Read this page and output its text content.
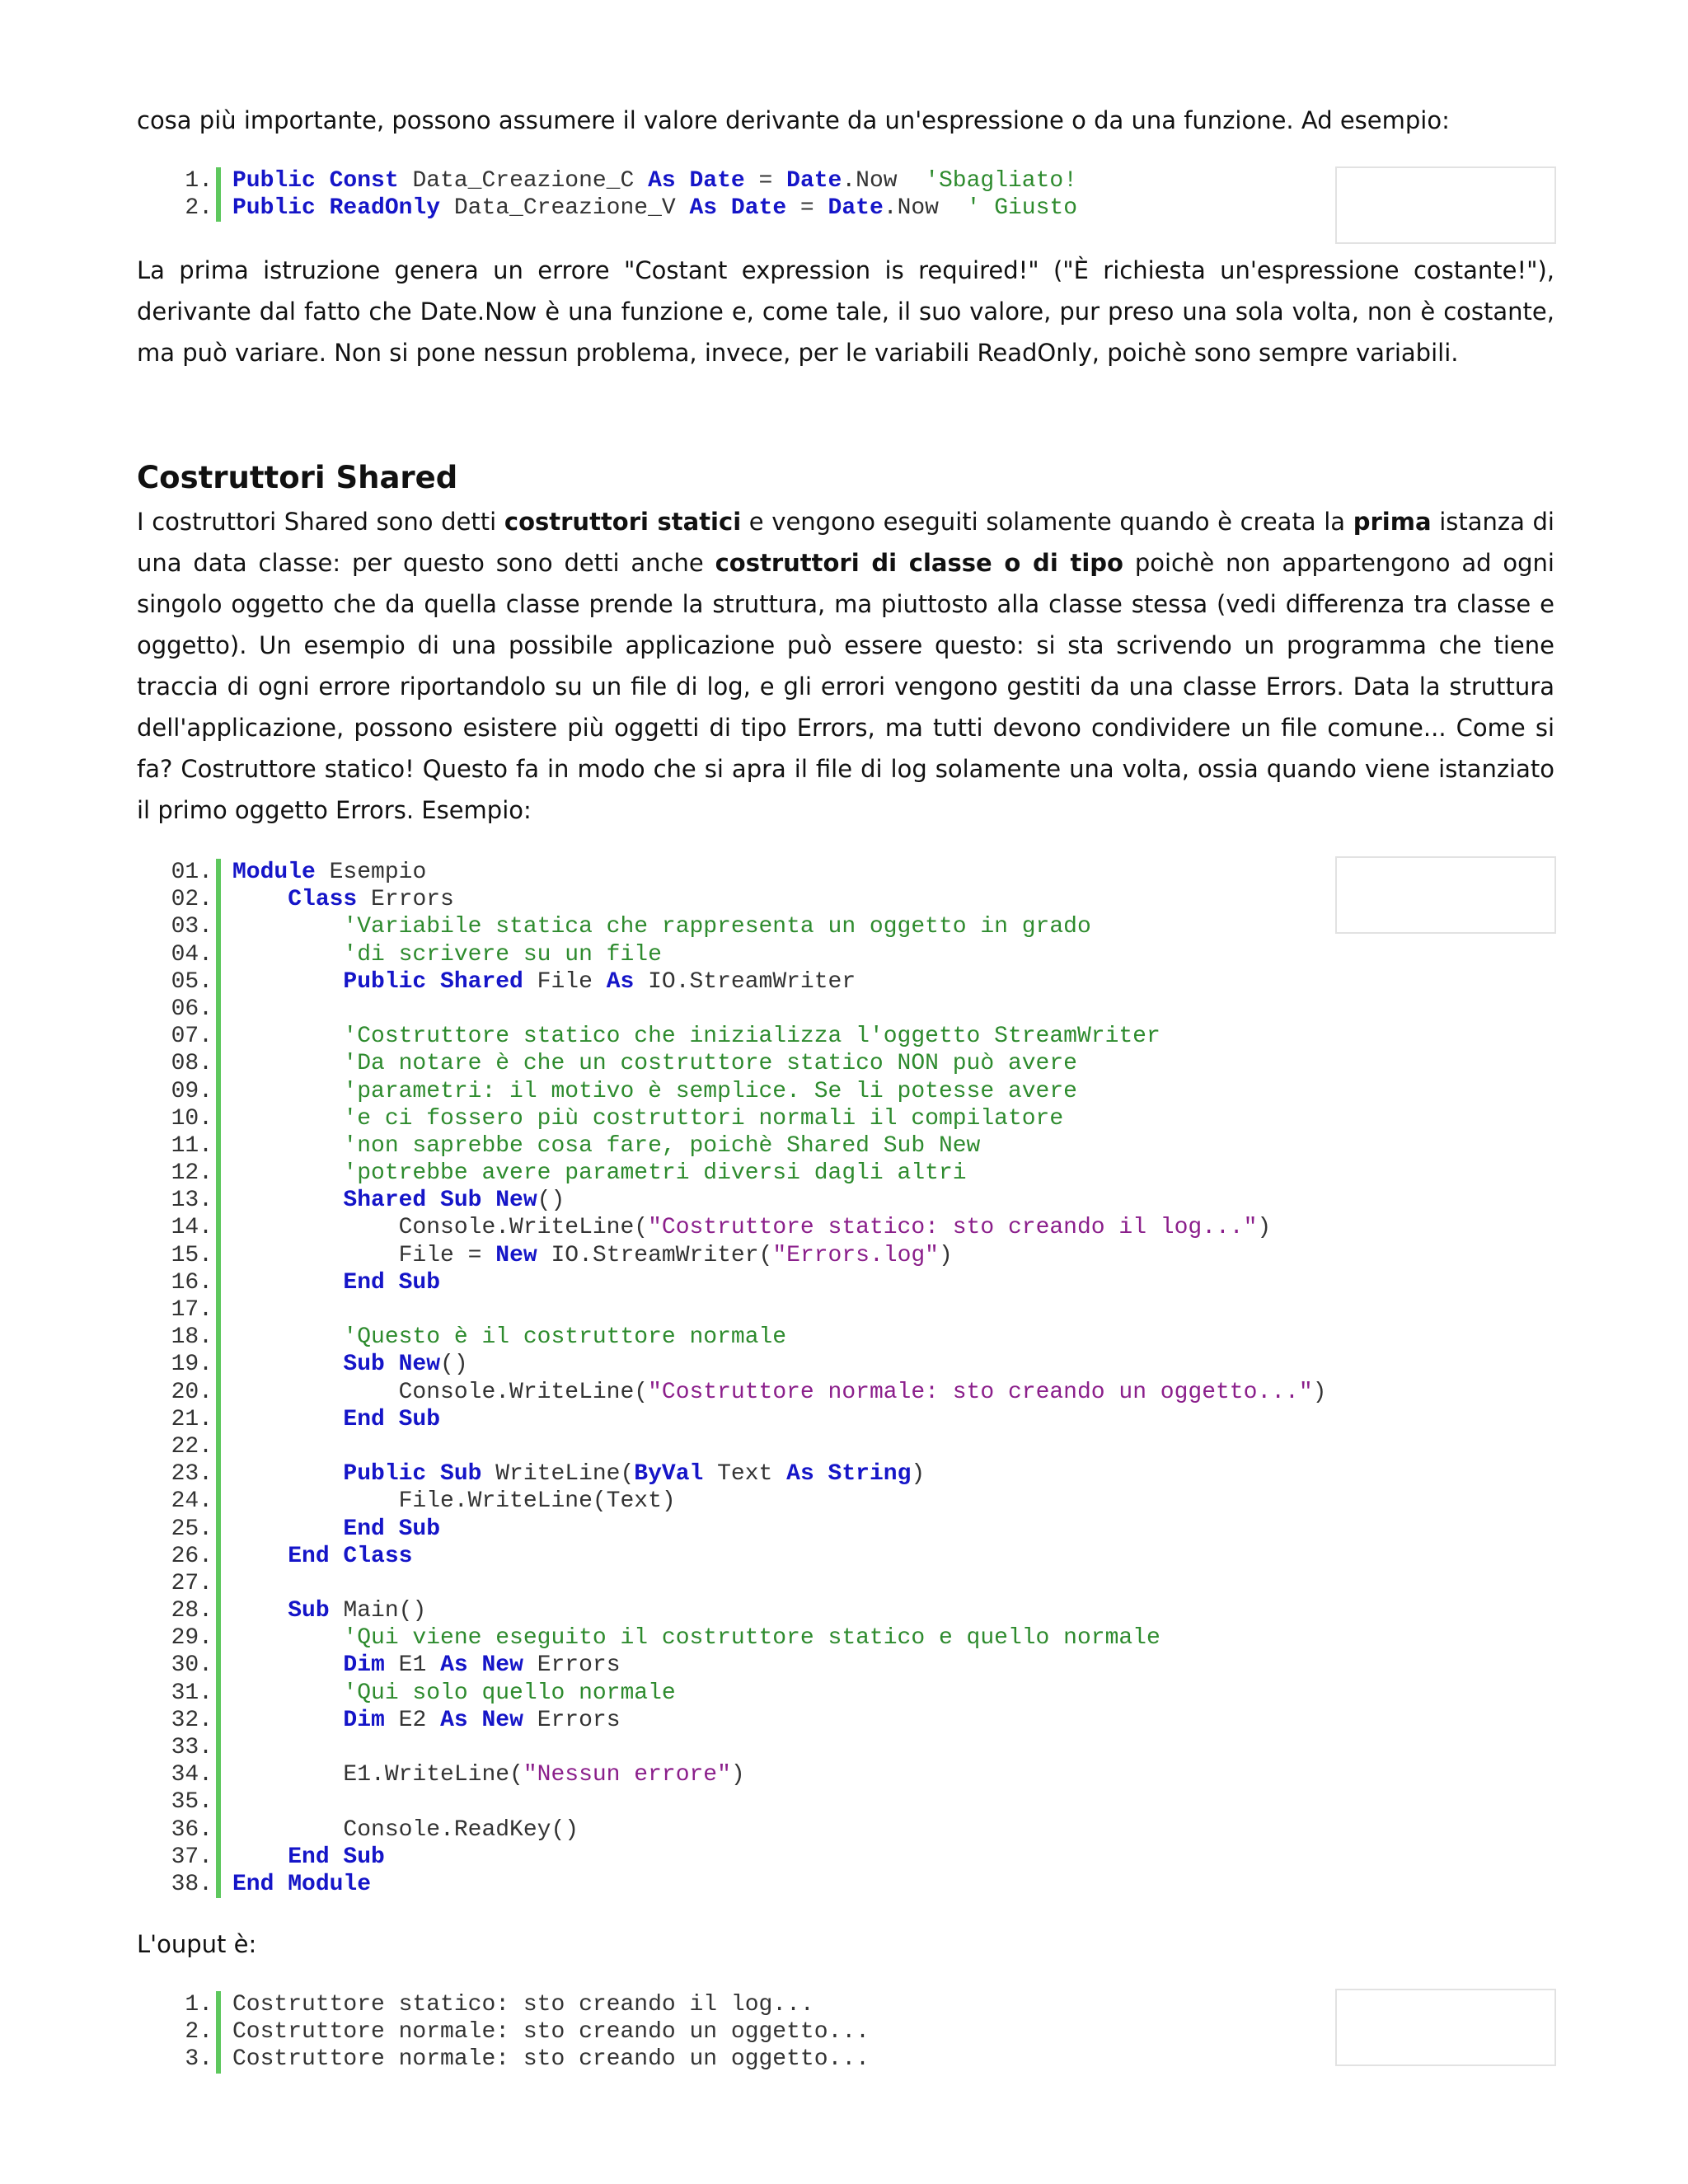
cosa più importante, possono assumere il valore derivante da un'espressione o da una funzione. Ad esempio:

1. Public Const Data_Creazione_C As Date = Date.Now  'Sbagliato!
2. Public ReadOnly Data_Creazione_V As Date = Date.Now  ' Giusto

La prima istruzione genera un errore "Costant expression is required!" ("È richiesta un'espressione costante!"), derivante dal fatto che Date.Now è una funzione e, come tale, il suo valore, pur preso una sola volta, non è costante, ma può variare. Non si pone nessun problema, invece, per le variabili ReadOnly, poichè sono sempre variabili.

Costruttori Shared

I costruttori Shared sono detti costruttori statici e vengono eseguiti solamente quando è creata la prima istanza di una data classe: per questo sono detti anche costruttori di classe o di tipo poichè non appartengono ad ogni singolo oggetto che da quella classe prende la struttura, ma piuttosto alla classe stessa (vedi differenza tra classe e oggetto). Un esempio di una possibile applicazione può essere questo: si sta scrivendo un programma che tiene traccia di ogni errore riportandolo su un file di log, e gli errori vengono gestiti da una classe Errors. Data la struttura dell'applicazione, possono esistere più oggetti di tipo Errors, ma tutti devono condividere un file comune... Come si fa? Costruttore statico! Questo fa in modo che si apra il file di log solamente una volta, ossia quando viene istanziato il primo oggetto Errors. Esempio:

01. Module Esempio
02.	Class Errors
03.	'Variabile statica che rappresenta un oggetto in grado
04.	'di scrivere su un file
05.	Public Shared File As IO.StreamWriter
06.
07.	'Costruttore statico che inizializza l'oggetto StreamWriter
08.	'Da notare è che un costruttore statico NON può avere
09.	'parametri: il motivo è semplice. Se li potesse avere
10.	'e ci fossero più costruttori normali il compilatore
11.	'non saprebbe cosa fare, poichè Shared Sub New
12.	'potrebbe avere parametri diversi dagli altri
13.	Shared Sub New()
14. Console.WriteLine("Costruttore statico: sto creando il log...")
15. File = New IO.StreamWriter("Errors.log")
16.	End Sub
17.
18.	'Questo è il costruttore normale
19.	Sub New()
20. Console.WriteLine("Costruttore normale: sto creando un oggetto...")
21.	End Sub
22.
23.	Public Sub WriteLine(ByVal Text As String)
24. File.WriteLine(Text)
25.	End Sub
26.	End Class
27.
28.	Sub Main()
29.	'Qui viene eseguito il costruttore statico e quello normale
30.	Dim E1 As New Errors
31.	'Qui solo quello normale
32.	Dim E2 As New Errors
33.
34. E1.WriteLine("Nessun errore")
35.
36. Console.ReadKey()
37.	End Sub
38. End Module

L'ouput è:

1. Costruttore statico: sto creando il log...
2. Costruttore normale: sto creando un oggetto...
3. Costruttore normale: sto creando un oggetto...
